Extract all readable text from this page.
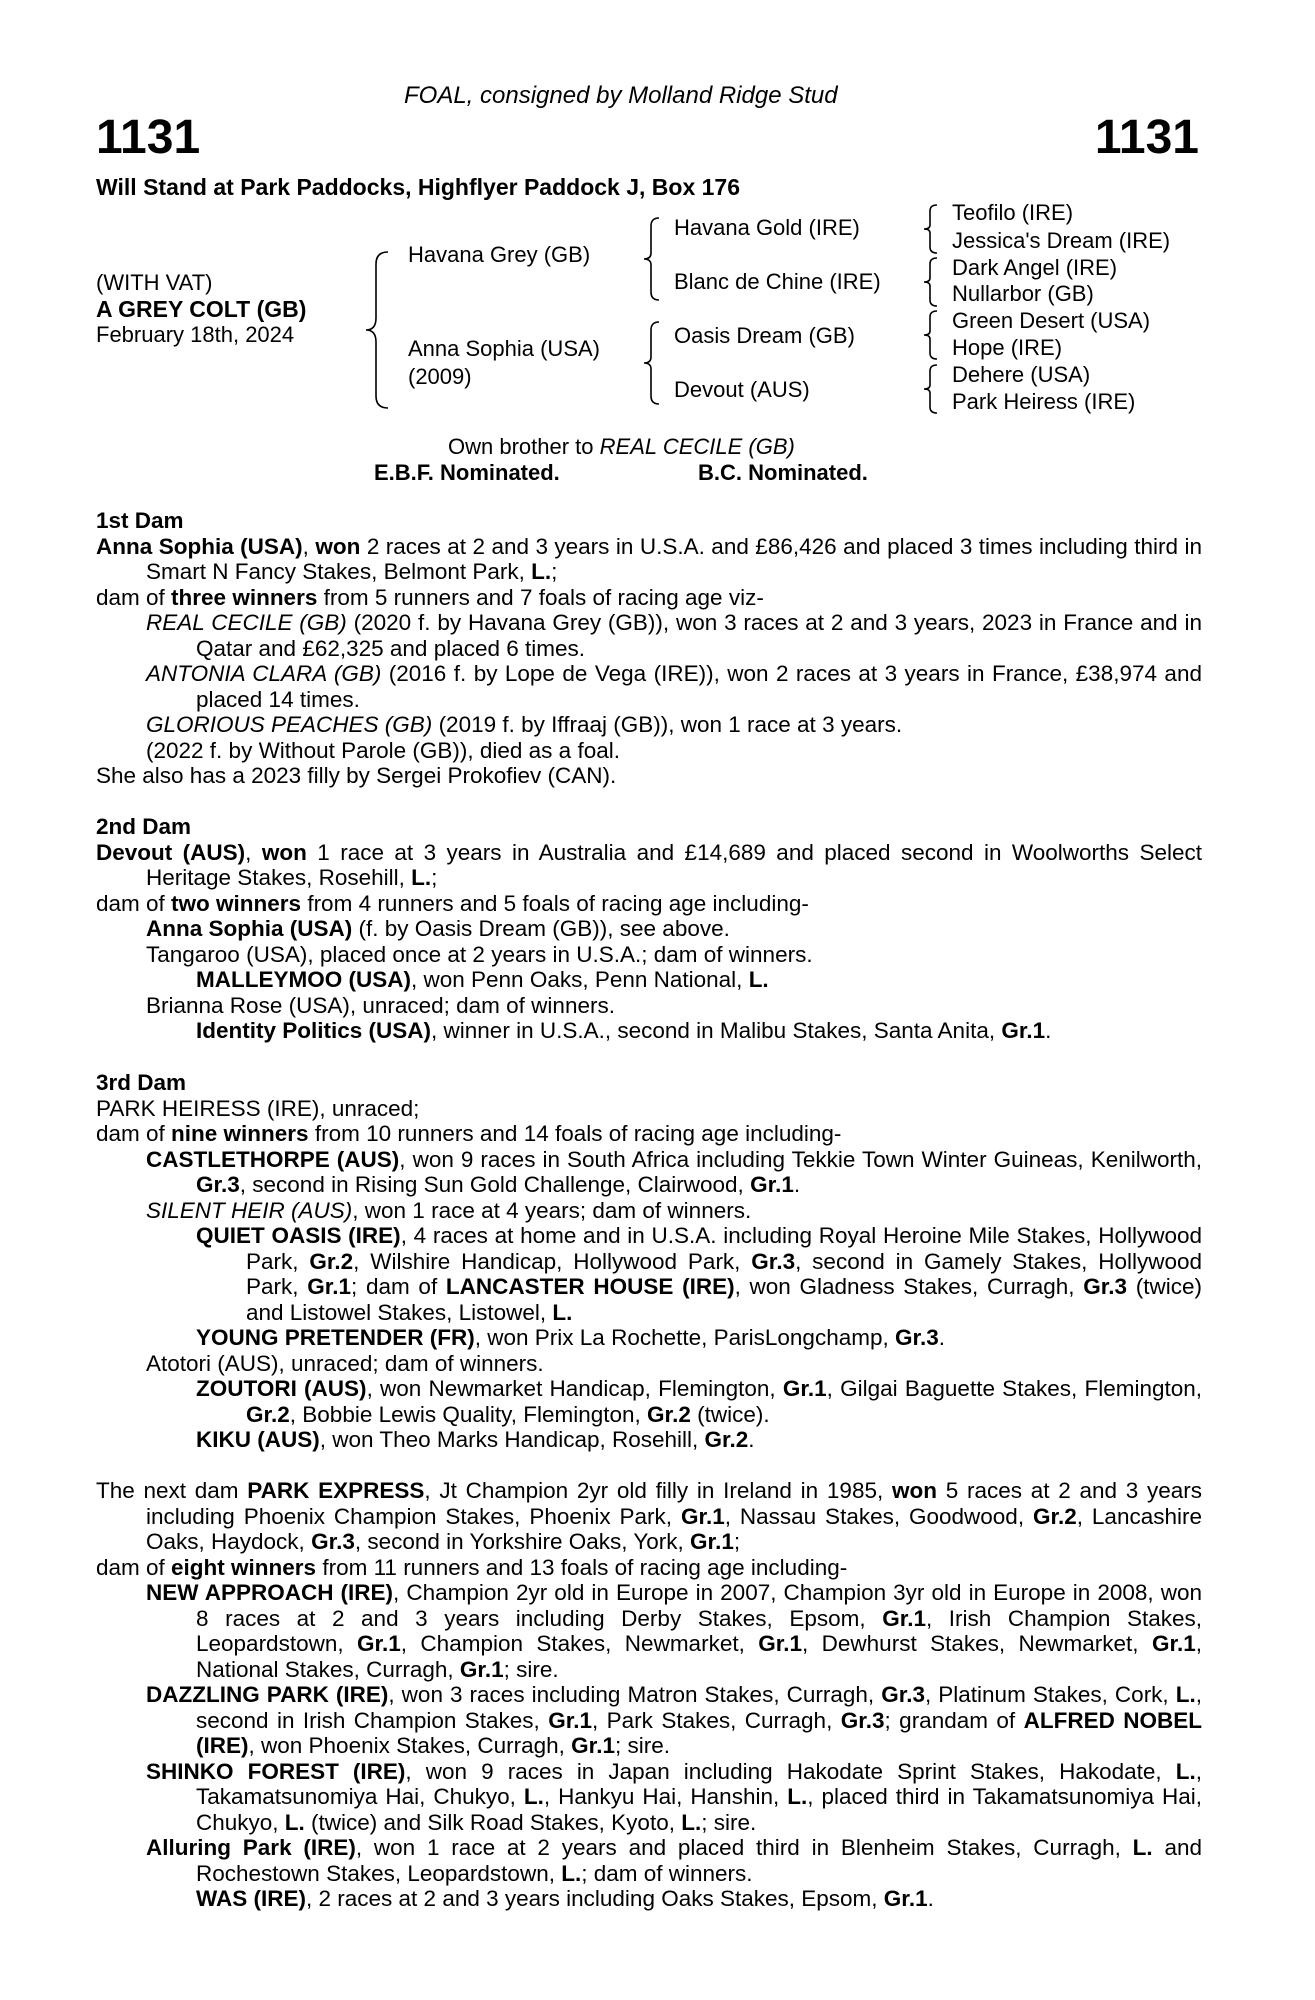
FOAL, consigned by Molland Ridge Stud
1131	1131
Will Stand at Park Paddocks, Highflyer Paddock J, Box 176
(WITH VAT)
A GREY COLT (GB)
February 18th, 2024
Havana Grey (GB)
Anna Sophia (USA)
(2009)
Havana Gold (IRE)
Blanc de Chine (IRE)
Oasis Dream (GB)
Devout (AUS)
Teofilo (IRE)
Jessica's Dream (IRE)
Dark Angel (IRE)
Nullarbor (GB)
Green Desert (USA)
Hope (IRE)
Dehere (USA)
Park Heiress (IRE)
Own brother to REAL CECILE (GB)
E.B.F. Nominated.	B.C. Nominated.

1st Dam

Anna Sophia (USA), won 2 races at 2 and 3 years in U.S.A. and £86,426 and placed 3 times including third in Smart N Fancy Stakes, Belmont Park, L.;

dam of three winners from 5 runners and 7 foals of racing age viz-

REAL CECILE (GB) (2020 f. by Havana Grey (GB)), won 3 races at 2 and 3 years, 2023 in France and in Qatar and £62,325 and placed 6 times.

ANTONIA CLARA (GB) (2016 f. by Lope de Vega (IRE)), won 2 races at 3 years in France, £38,974 and placed 14 times.

GLORIOUS PEACHES (GB) (2019 f. by Iffraaj (GB)), won 1 race at 3 years.

(2022 f. by Without Parole (GB)), died as a foal.

She also has a 2023 filly by Sergei Prokofiev (CAN).

2nd Dam

Devout (AUS), won 1 race at 3 years in Australia and £14,689 and placed second in Woolworths Select Heritage Stakes, Rosehill, L.;

dam of two winners from 4 runners and 5 foals of racing age including-

Anna Sophia (USA) (f. by Oasis Dream (GB)), see above.

Tangaroo (USA), placed once at 2 years in U.S.A.; dam of winners.

MALLEYMOO (USA), won Penn Oaks, Penn National, L.

Brianna Rose (USA), unraced; dam of winners.

Identity Politics (USA), winner in U.S.A., second in Malibu Stakes, Santa Anita, Gr.1.

3rd Dam

PARK HEIRESS (IRE), unraced;

dam of nine winners from 10 runners and 14 foals of racing age including-

CASTLETHORPE (AUS), won 9 races in South Africa including Tekkie Town Winter Guineas, Kenilworth, Gr.3, second in Rising Sun Gold Challenge, Clairwood, Gr.1.

SILENT HEIR (AUS), won 1 race at 4 years; dam of winners.

QUIET OASIS (IRE), 4 races at home and in U.S.A. including Royal Heroine Mile Stakes, Hollywood Park, Gr.2, Wilshire Handicap, Hollywood Park, Gr.3, second in Gamely Stakes, Hollywood Park, Gr.1; dam of LANCASTER HOUSE (IRE), won Gladness Stakes, Curragh, Gr.3 (twice) and Listowel Stakes, Listowel, L.

YOUNG PRETENDER (FR), won Prix La Rochette, ParisLongchamp, Gr.3.

Atotori (AUS), unraced; dam of winners.

ZOUTORI (AUS), won Newmarket Handicap, Flemington, Gr.1, Gilgai Baguette Stakes, Flemington, Gr.2, Bobbie Lewis Quality, Flemington, Gr.2 (twice).

KIKU (AUS), won Theo Marks Handicap, Rosehill, Gr.2.

The next dam PARK EXPRESS, Jt Champion 2yr old filly in Ireland in 1985, won 5 races at 2 and 3 years including Phoenix Champion Stakes, Phoenix Park, Gr.1, Nassau Stakes, Goodwood, Gr.2, Lancashire Oaks, Haydock, Gr.3, second in Yorkshire Oaks, York, Gr.1;

dam of eight winners from 11 runners and 13 foals of racing age including-

NEW APPROACH (IRE), Champion 2yr old in Europe in 2007, Champion 3yr old in Europe in 2008, won 8 races at 2 and 3 years including Derby Stakes, Epsom, Gr.1, Irish Champion Stakes, Leopardstown, Gr.1, Champion Stakes, Newmarket, Gr.1, Dewhurst Stakes, Newmarket, Gr.1, National Stakes, Curragh, Gr.1; sire.

DAZZLING PARK (IRE), won 3 races including Matron Stakes, Curragh, Gr.3, Platinum Stakes, Cork, L., second in Irish Champion Stakes, Gr.1, Park Stakes, Curragh, Gr.3; grandam of ALFRED NOBEL (IRE), won Phoenix Stakes, Curragh, Gr.1; sire.

SHINKO FOREST (IRE), won 9 races in Japan including Hakodate Sprint Stakes, Hakodate, L., Takamatsunomiya Hai, Chukyo, L., Hankyu Hai, Hanshin, L., placed third in Takamatsunomiya Hai, Chukyo, L. (twice) and Silk Road Stakes, Kyoto, L.; sire.

Alluring Park (IRE), won 1 race at 2 years and placed third in Blenheim Stakes, Curragh, L. and Rochestown Stakes, Leopardstown, L.; dam of winners.

WAS (IRE), 2 races at 2 and 3 years including Oaks Stakes, Epsom, Gr.1.
